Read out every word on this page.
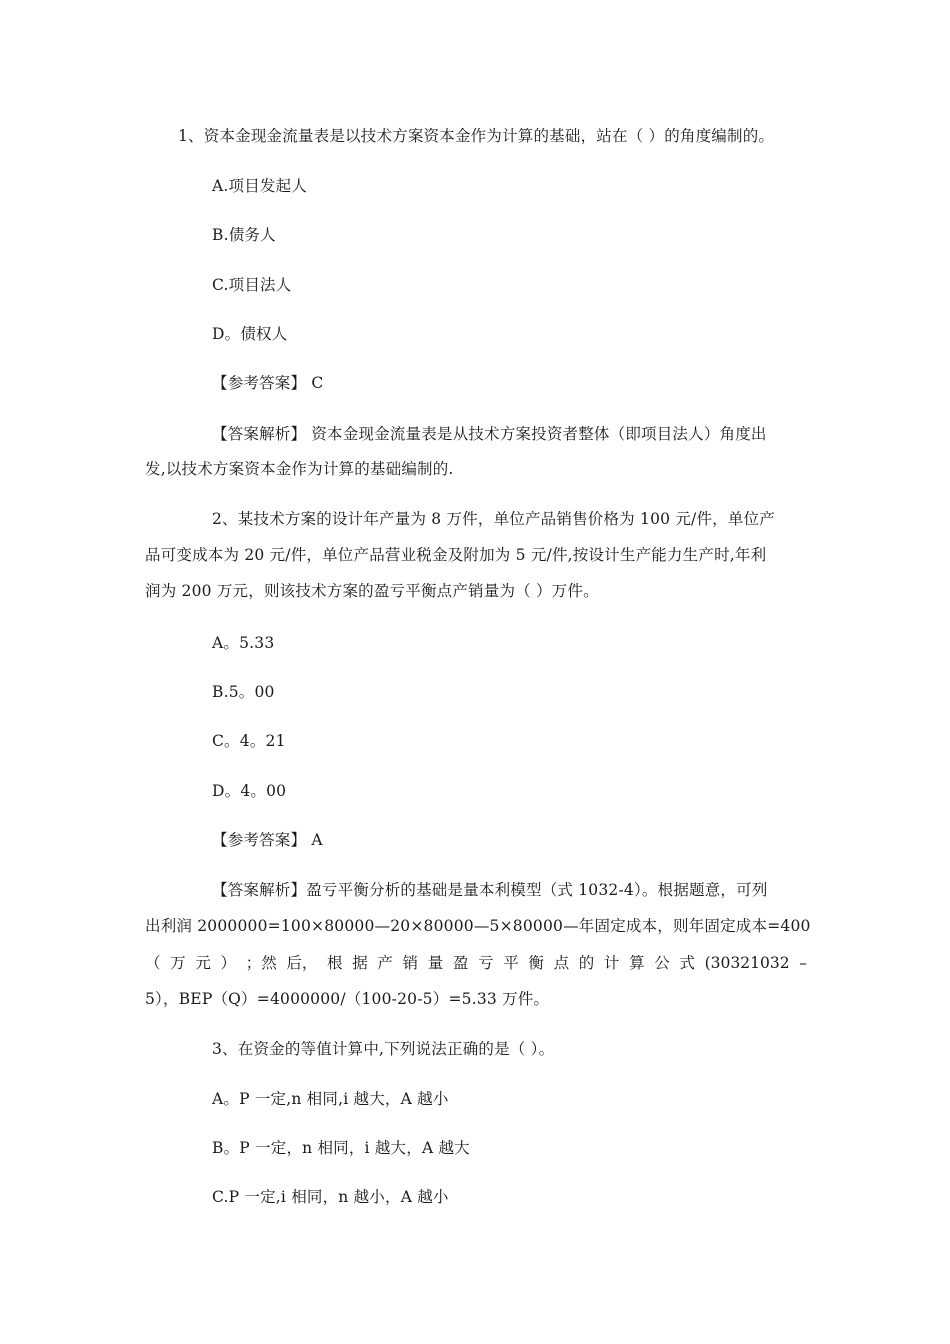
1、资本金现金流量表是以技术方案资本金作为计算的基础，站在（ ）的角度编制的。
A.项目发起人
B.债务人
C.项目法人
D。债权人
【参考答案】 C
【答案解析】 资本金现金流量表是从技术方案投资者整体（即项目法人）角度出
发,以技术方案资本金作为计算的基础编制的.
2、某技术方案的设计年产量为 8 万件，单位产品销售价格为 100 元/件，单位产
品可变成本为 20 元/件，单位产品营业税金及附加为 5 元/件,按设计生产能力生产时,年利
润为 200 万元，则该技术方案的盈亏平衡点产销量为（ ）万件。
A。5.33
B.5。00
C。4。21
D。4。00
【参考答案】 A
【答案解析】盈亏平衡分析的基础是量本利模型（式 1032-4）。根据题意，可列
出利润 2000000=100×80000—20×80000—5×80000—年固定成本，则年固定成本=400
（ 万 元 ） ；然 后， 根 据 产 销 量 盈 亏 平 衡 点 的 计 算 公 式 (30321032 –
5），BEP（Q）=4000000/（100-20-5）=5.33 万件。
3、在资金的等值计算中,下列说法正确的是（ ）。
A。P 一定,n 相同,i 越大，A 越小
B。P 一定，n 相同，i 越大，A 越大
C.P 一定,i 相同，n 越小，A 越小
